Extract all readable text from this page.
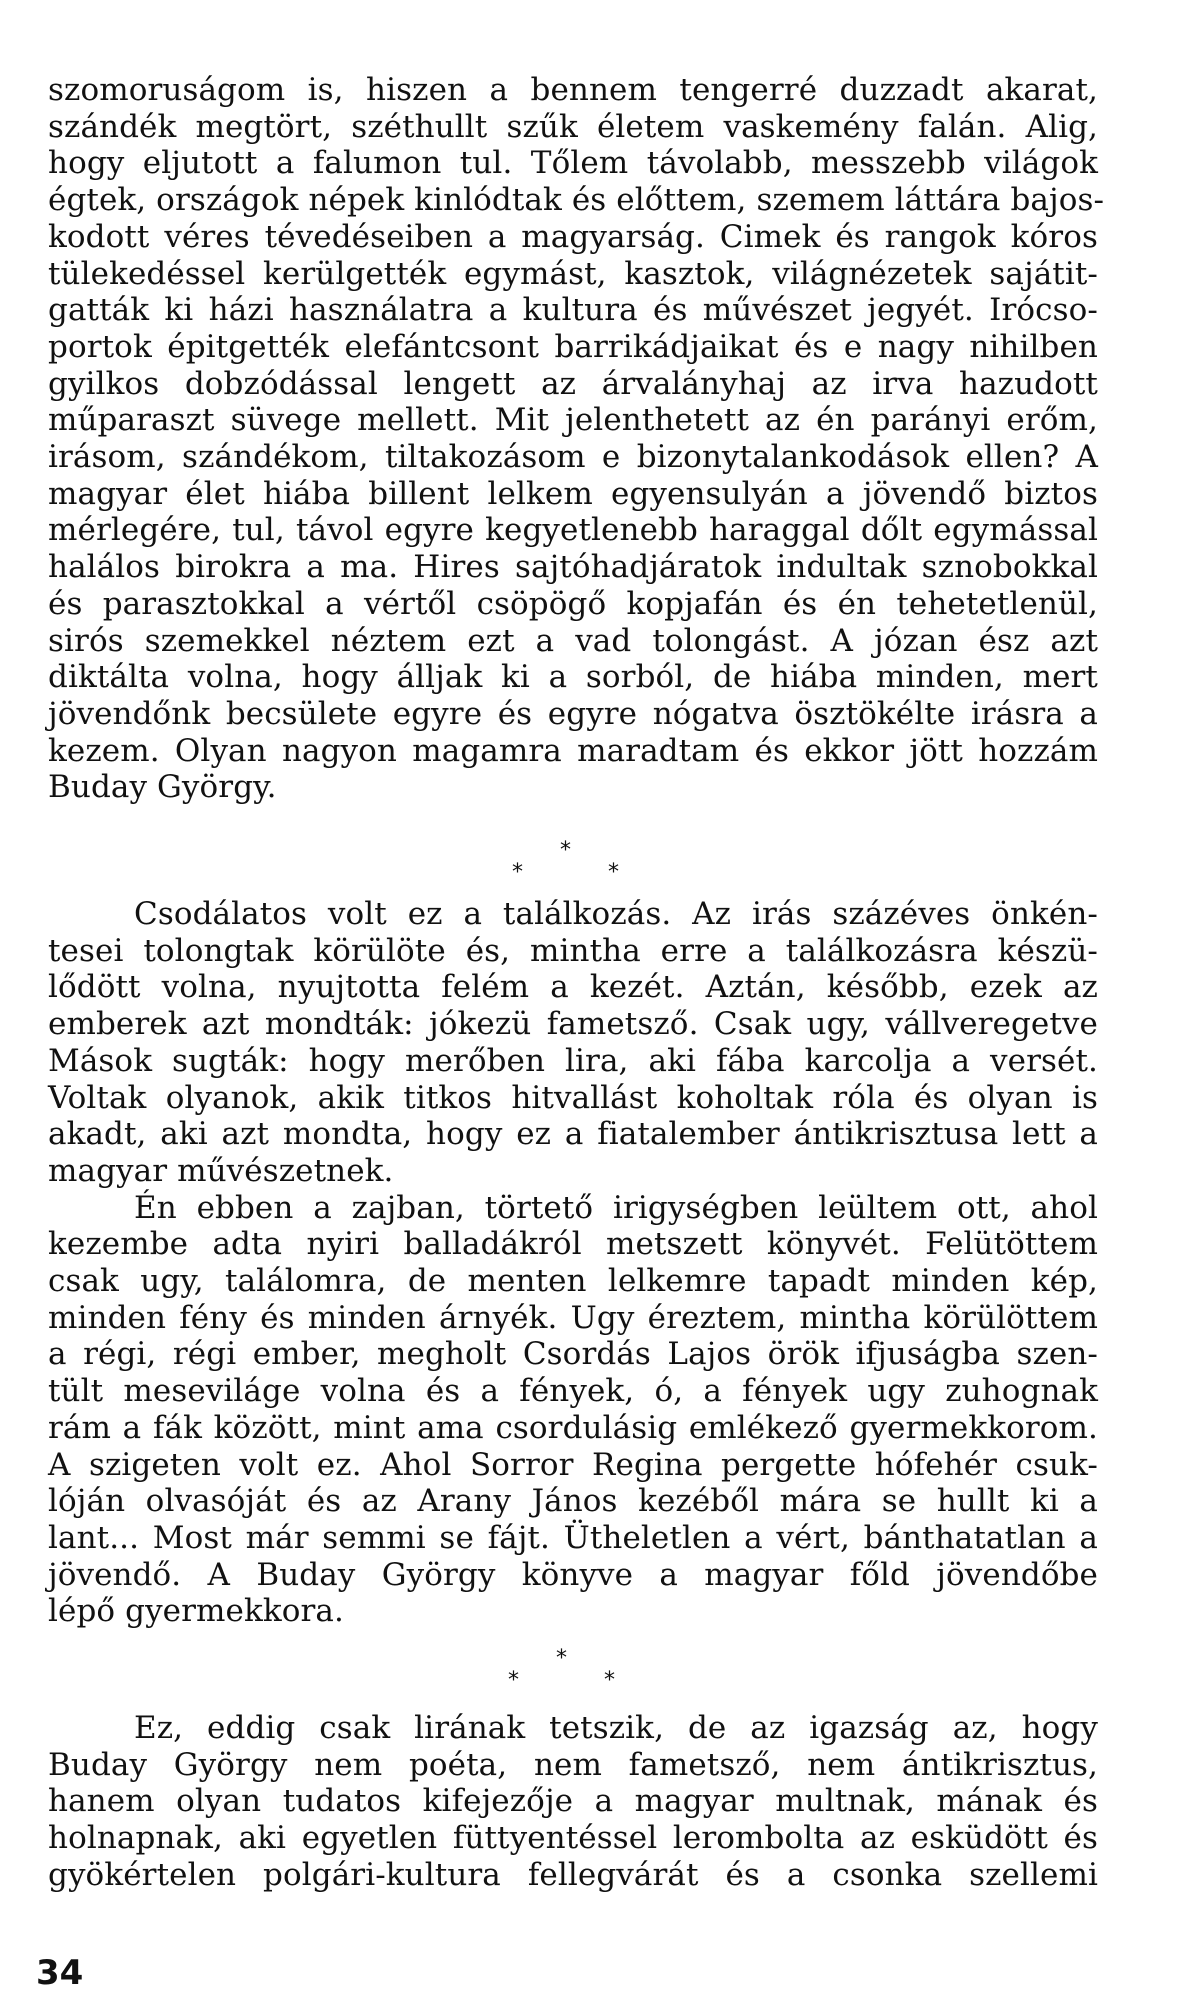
szomoruságom is, hiszen a bennem tengerré duzzadt akarat,
szándék megtört, széthullt szűk életem vaskemény falán. Alig,
hogy eljutott a falumon tul. Tőlem távolabb, messzebb világok
égtek, országok népek kinlódtak és előttem, szemem láttára bajos-
kodott véres tévedéseiben a magyarság. Cimek és rangok kóros
tülekedéssel kerülgették egymást, kasztok, világnézetek sajátit-
gatták ki házi használatra a kultura és művészet jegyét. Irócso-
portok épitgették elefántcsont barrikádjaikat és e nagy nihilben
gyilkos dobzódással lengett az árvalányhaj az irva hazudott
műparaszt süvege mellett. Mit jelenthetett az én parányi erőm,
irásom, szándékom, tiltakozásom e bizonytalankodások ellen? A
magyar élet hiába billent lelkem egyensulyán a jövendő biztos
mérlegére, tul, távol egyre kegyetlenebb haraggal dőlt egymással
halálos birokra a ma. Hires sajtóhadjáratok indultak sznobokkal
és parasztokkal a vértől csöpögő kopjafán és én tehetetlenül,
sirós szemekkel néztem ezt a vad tolongást. A józan ész azt
diktálta volna, hogy álljak ki a sorból, de hiába minden, mert
jövendőnk becsülete egyre és egyre nógatva ösztökélte irásra a
kezem. Olyan nagyon magamra maradtam és ekkor jött hozzám
Buday György.
*
*	*
Csodálatos volt ez a találkozás. Az irás százéves önkén-
tesei tolongtak körülöte és, mintha erre a találkozásra készü-
lődött volna, nyujtotta felém a kezét. Aztán, később, ezek az
emberek azt mondták: jókezü fametsző. Csak ugy, vállveregetve
Mások sugták: hogy merőben lira, aki fába karcolja a versét.
Voltak olyanok, akik titkos hitvallást koholtak róla és olyan is
akadt, aki azt mondta, hogy ez a fiatalember ántikrisztusa lett a
magyar művészetnek.
Én ebben a zajban, törtető irigységben leültem ott, ahol
kezembe adta nyiri balladákról metszett könyvét. Felütöttem
csak ugy, találomra, de menten lelkemre tapadt minden kép,
minden fény és minden árnyék. Ugy éreztem, mintha körülöttem
a régi, régi ember, megholt Csordás Lajos örök ifjuságba szen-
tült meseviláge volna és a fények, ó, a fények ugy zuhognak
rám a fák között, mint ama csordulásig emlékező gyermekkorom.
A szigeten volt ez. Ahol Sorror Regina pergette hófehér csuk-
lóján olvasóját és az Arany János kezéből mára se hullt ki a
lant... Most már semmi se fájt. Ütheletlen a vért, bánthatatlan a
jövendő. A Buday György könyve a magyar főld jövendőbe
lépő gyermekkora.
*
*	*
Ez, eddig csak lirának tetszik, de az igazság az, hogy
Buday György nem poéta, nem fametsző, nem ántikrisztus,
hanem olyan tudatos kifejezője a magyar multnak, mának és
holnapnak, aki egyetlen füttyentéssel lerombolta az esküdött és
gyökértelen polgári-kultura fellegvárát és a csonka szellemi
34
